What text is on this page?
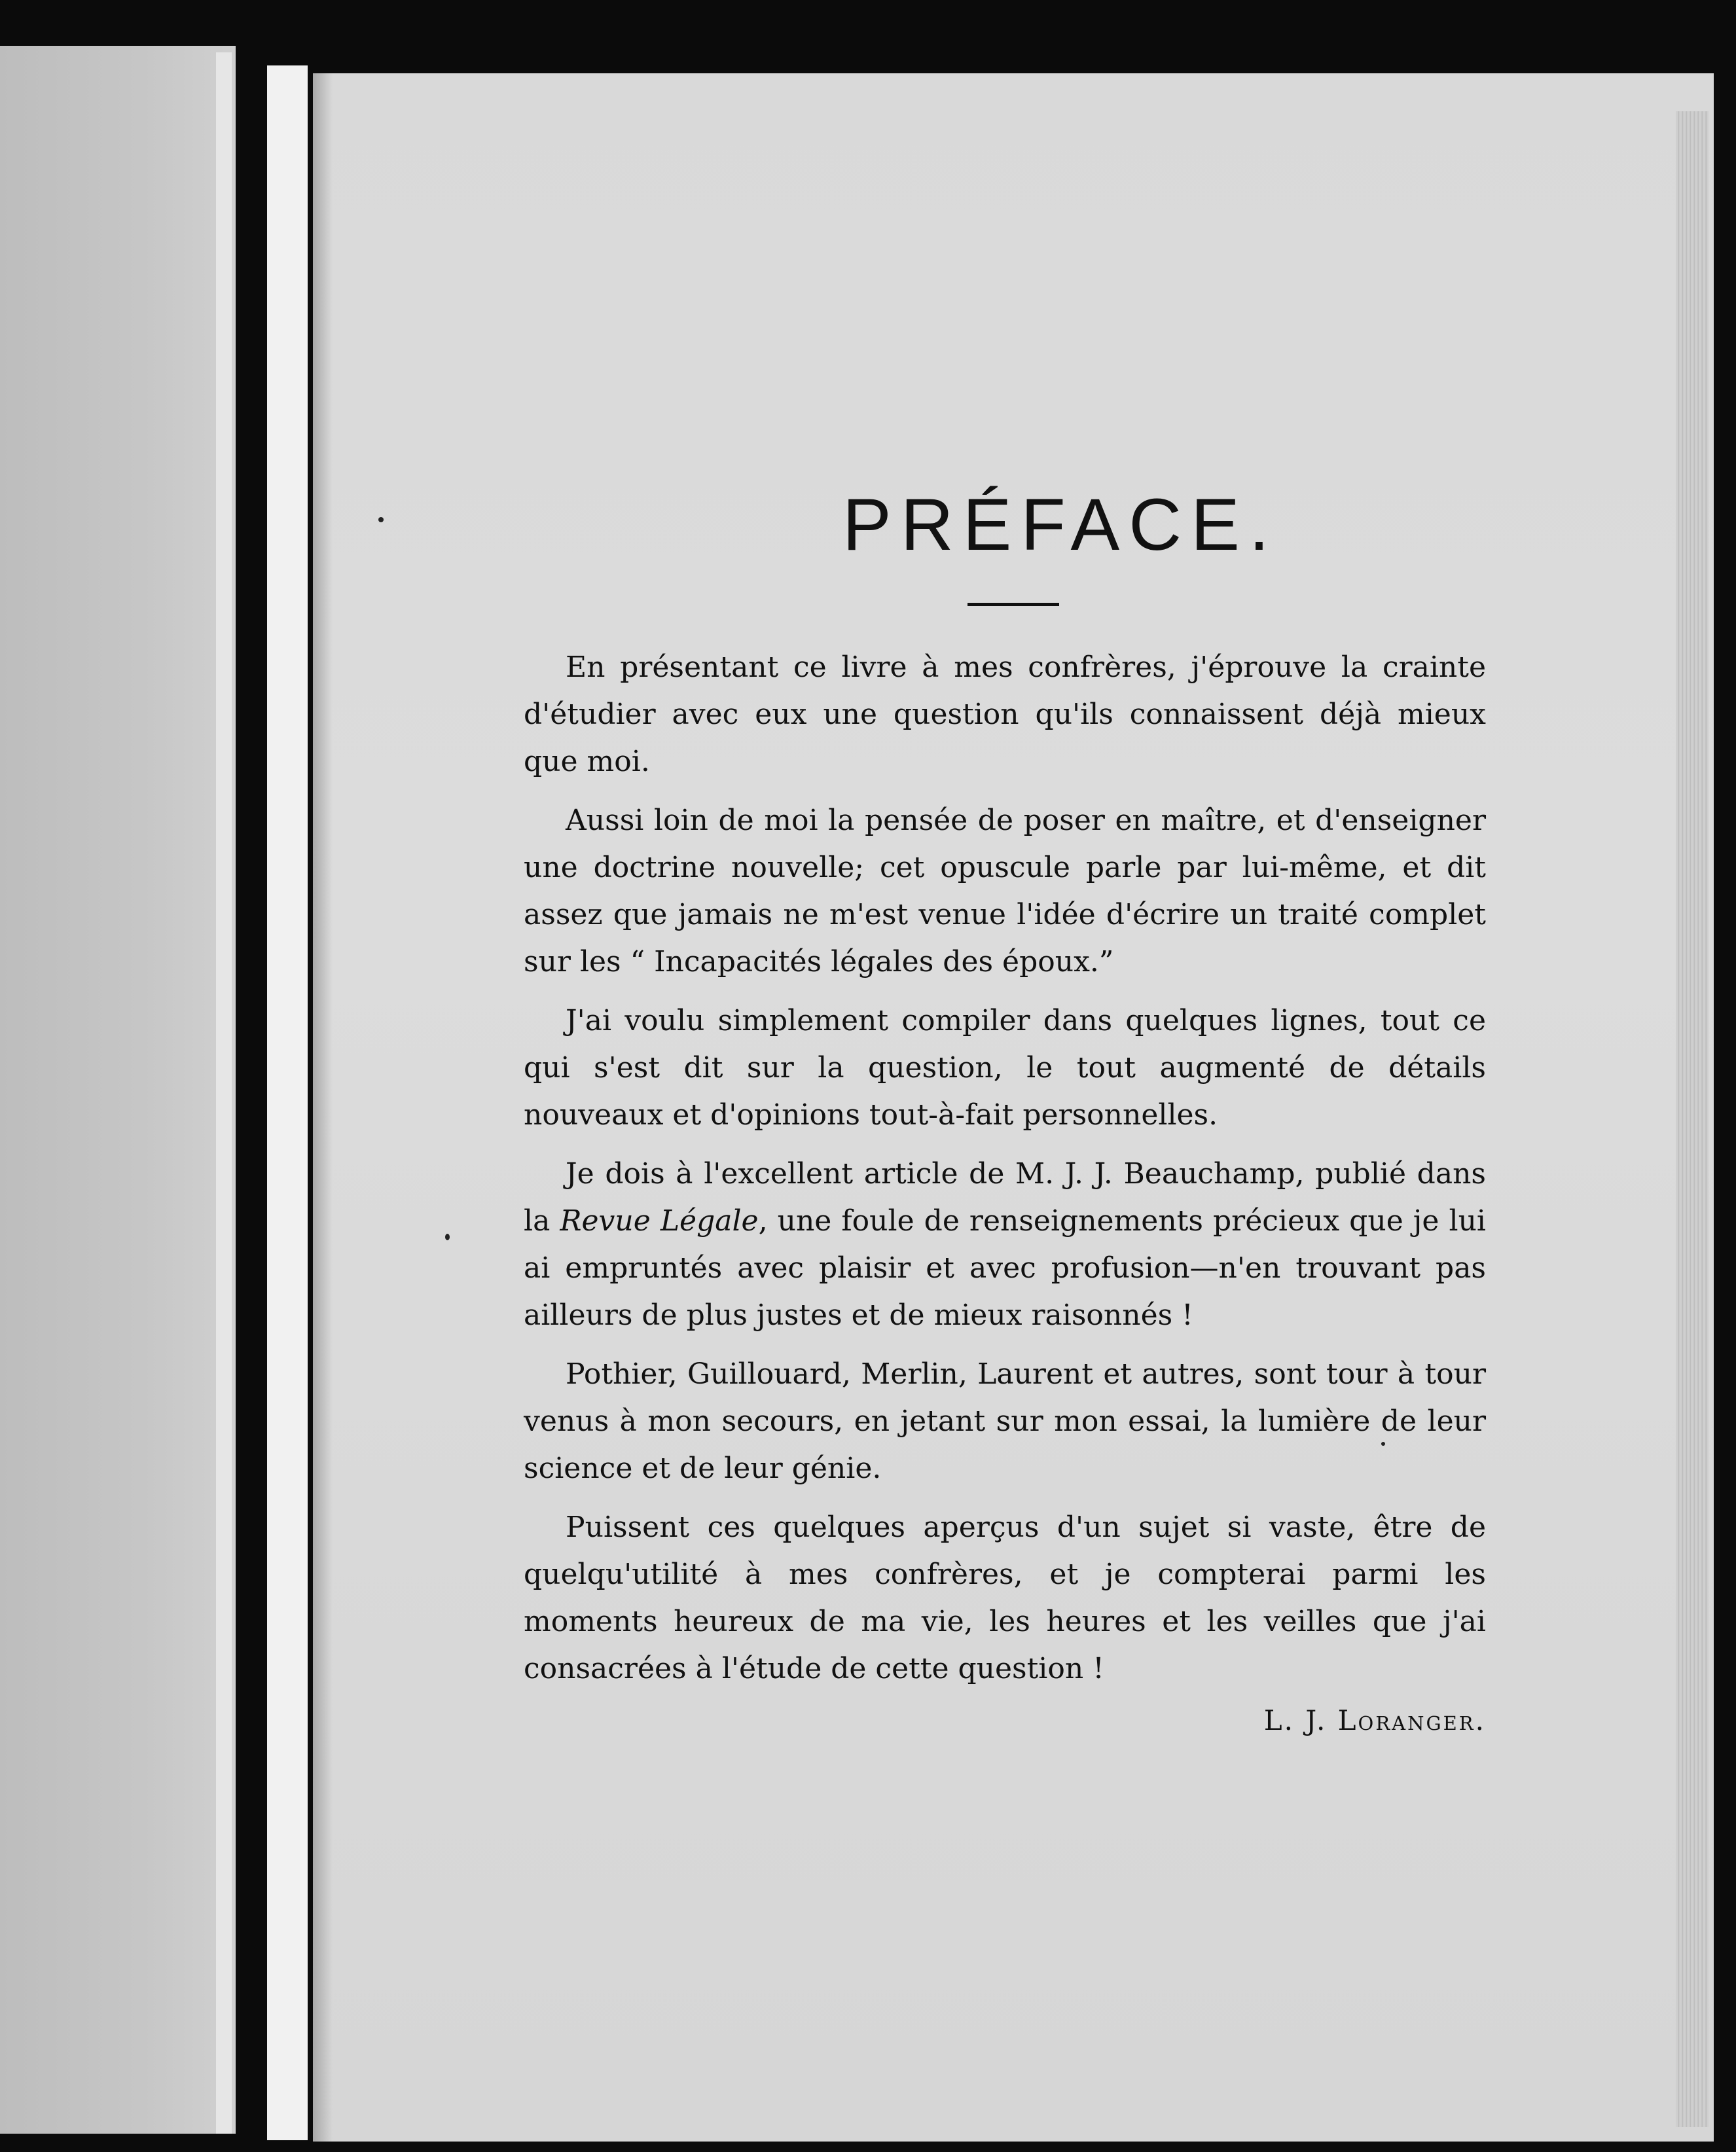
PRÉFACE.

En présentant ce livre à mes confrères, j'éprouve la crainte d'étudier avec eux une question qu'ils connaissent déjà mieux que moi.

Aussi loin de moi la pensée de poser en maître, et d'enseigner une doctrine nouvelle; cet opuscule parle par lui-même, et dit assez que jamais ne m'est venue l'idée d'écrire un traité complet sur les “ Incapacités légales des époux.”

J'ai voulu simplement compiler dans quelques lignes, tout ce qui s'est dit sur la question, le tout augmenté de détails nouveaux et d'opinions tout-à-fait personnelles.

Je dois à l'excellent article de M. J. J. Beauchamp, publié dans la Revue Légale, une foule de renseignements précieux que je lui ai empruntés avec plaisir et avec profusion—n'en trouvant pas ailleurs de plus justes et de mieux raisonnés !

Pothier, Guillouard, Merlin, Laurent et autres, sont tour à tour venus à mon secours, en jetant sur mon essai, la lumière de leur science et de leur génie.

Puissent ces quelques aperçus d'un sujet si vaste, être de quelqu'utilité à mes confrères, et je compterai parmi les moments heureux de ma vie, les heures et les veilles que j'ai consacrées à l'étude de cette question !

L. J. Loranger.
